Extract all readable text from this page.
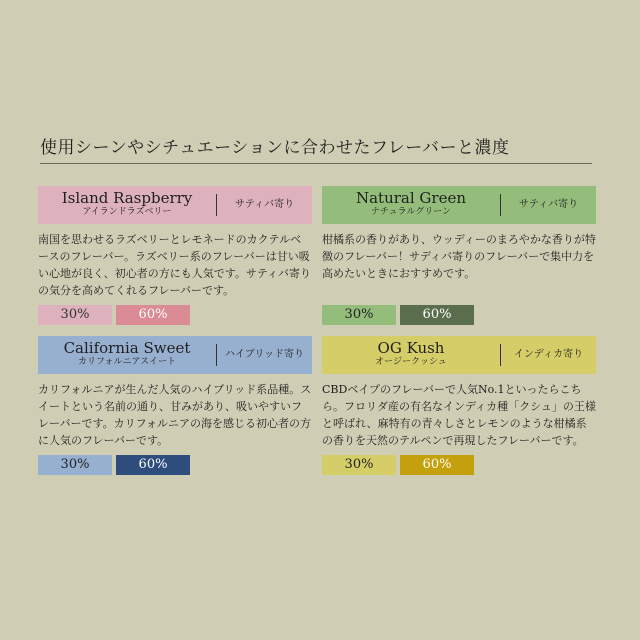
使用シーンやシチュエーションに合わせたフレーバーと濃度
Island Raspberry
アイランドラズベリー
サティバ寄り
南国を思わせるラズベリーとレモネードのカクテルベースのフレーバー。ラズベリー系のフレーバーは甘い吸い心地が良く、初心者の方にも人気です。サティバ寄りの気分を高めてくれるフレーバーです。
30%	60%
Natural Green
ナチュラルグリーン
サティバ寄り
柑橘系の香りがあり、ウッディーのまろやかな香りが特徴のフレーバー！サディバ寄りのフレーバーで集中力を高めたいときにおすすめです。
30%	60%
California Sweet
カリフォルニアスイート
ハイブリッド寄り
カリフォルニアが生んだ人気のハイブリッド系品種。スイートという名前の通り、甘みがあり、吸いやすいフレーバーです。カリフォルニアの海を感じる初心者の方に人気のフレーバーです。
30%	60%
OG Kush
オージークッシュ
インディカ寄り
CBDベイプのフレーバーで人気No.1といったらこちら。フロリダ産の有名なインディカ種「クシュ」の王様と呼ばれ、麻特有の青々しさとレモンのような柑橘系の香りを天然のテルペンで再現したフレーバーです。
30%	60%
